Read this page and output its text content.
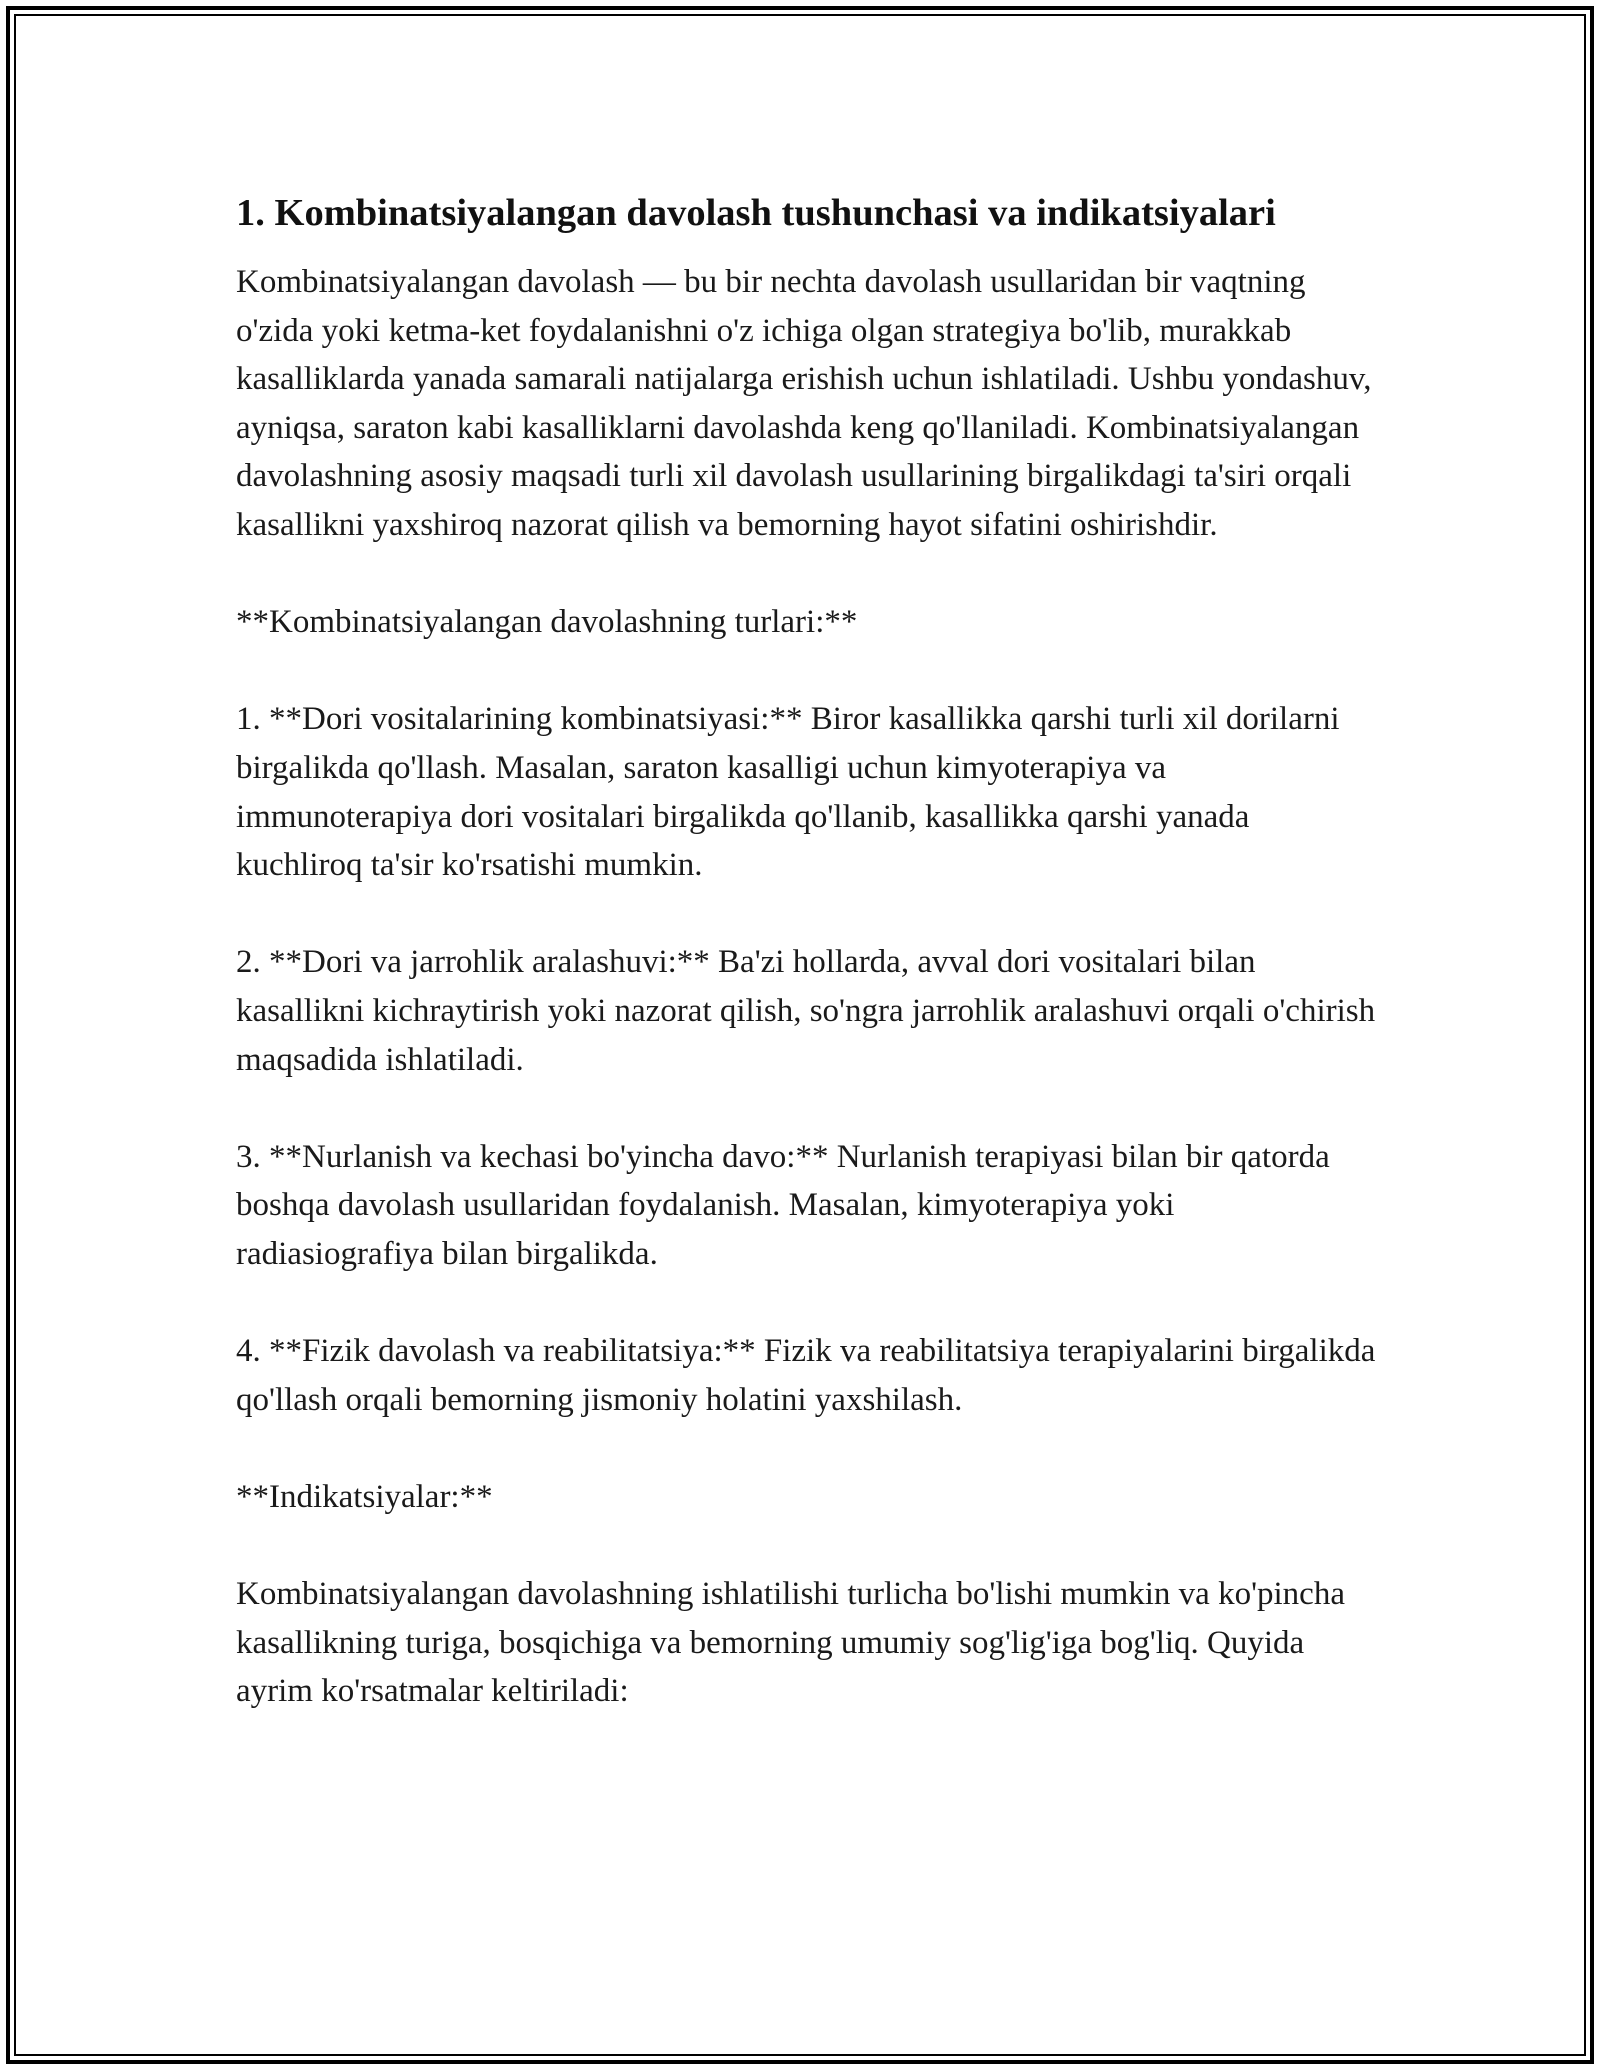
1. Kombinatsiyalangan davolash tushunchasi va indikatsiyalari

Kombinatsiyalangan davolash — bu bir nechta davolash usullaridan bir vaqtning o'zida yoki ketma-ket foydalanishni o'z ichiga olgan strategiya bo'lib, murakkab kasalliklarda yanada samarali natijalarga erishish uchun ishlatiladi. Ushbu yondashuv, ayniqsa, saraton kabi kasalliklarni davolashda keng qo'llaniladi. Kombinatsiyalangan davolashning asosiy maqsadi turli xil davolash usullarining birgalikdagi ta'siri orqali kasallikni yaxshiroq nazorat qilish va bemorning hayot sifatini oshirishdir.

**Kombinatsiyalangan davolashning turlari:**

1. **Dori vositalarining kombinatsiyasi:** Biror kasallikka qarshi turli xil dorilarni birgalikda qo'llash. Masalan, saraton kasalligi uchun kimyoterapiya va immunoterapiya dori vositalari birgalikda qo'llanib, kasallikka qarshi yanada kuchliroq ta'sir ko'rsatishi mumkin.

2. **Dori va jarrohlik aralashuvi:** Ba'zi hollarda, avval dori vositalari bilan kasallikni kichraytirish yoki nazorat qilish, so'ngra jarrohlik aralashuvi orqali o'chirish maqsadida ishlatiladi.

3. **Nurlanish va kechasi bo'yincha davo:** Nurlanish terapiyasi bilan bir qatorda boshqa davolash usullaridan foydalanish. Masalan, kimyoterapiya yoki radiasiografiya bilan birgalikda.

4. **Fizik davolash va reabilitatsiya:** Fizik va reabilitatsiya terapiyalarini birgalikda qo'llash orqali bemorning jismoniy holatini yaxshilash.

**Indikatsiyalar:**

Kombinatsiyalangan davolashning ishlatilishi turlicha bo'lishi mumkin va ko'pincha kasallikning turiga, bosqichiga va bemorning umumiy sog'lig'iga bog'liq. Quyida ayrim ko'rsatmalar keltiriladi:
